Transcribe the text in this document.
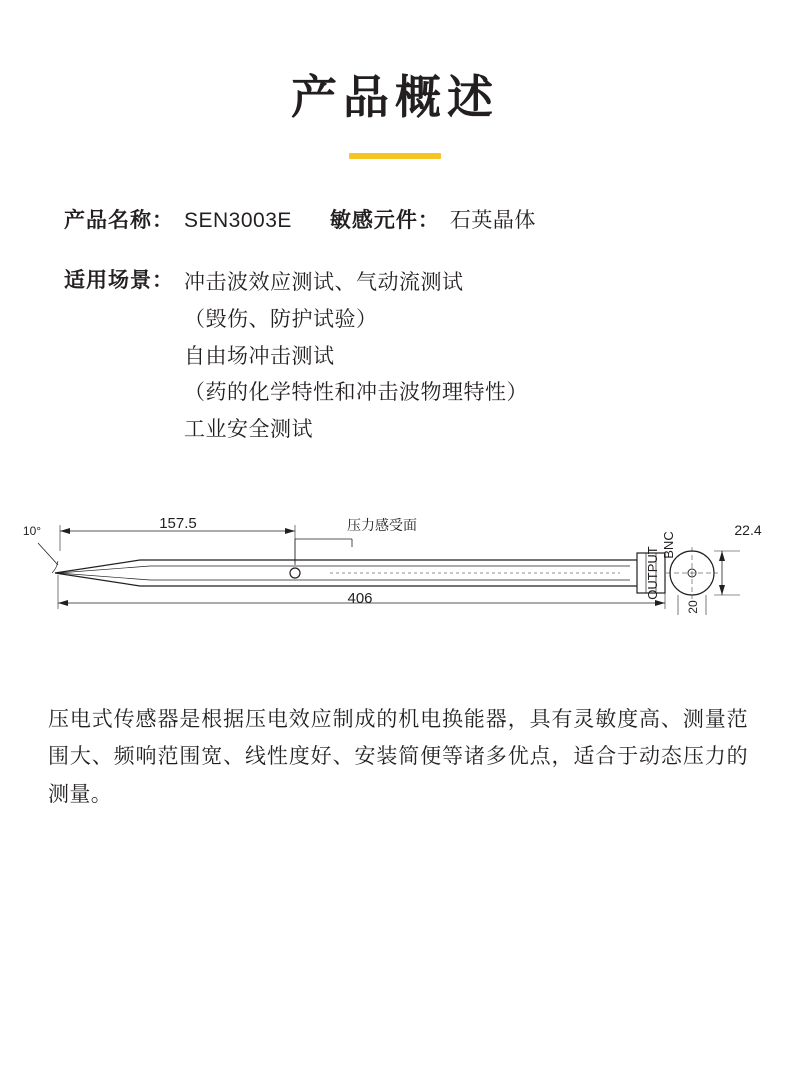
产品概述
产品名称： SEN3003E 敏感元件： 石英晶体
适用场景： 冲击波效应测试、气动流测试
（毁伤、防护试验）
自由场冲击测试
（药的化学特性和冲击波物理特性）
工业安全测试
157.5
406
10°	压力感受面	22.4
20
OUTPUT
BNC

压电式传感器是根据压电效应制成的机电换能器，具有灵敏度高、测量范围大、频响范围宽、线性度好、安装简便等诸多优点，适合于动态压力的测量。
